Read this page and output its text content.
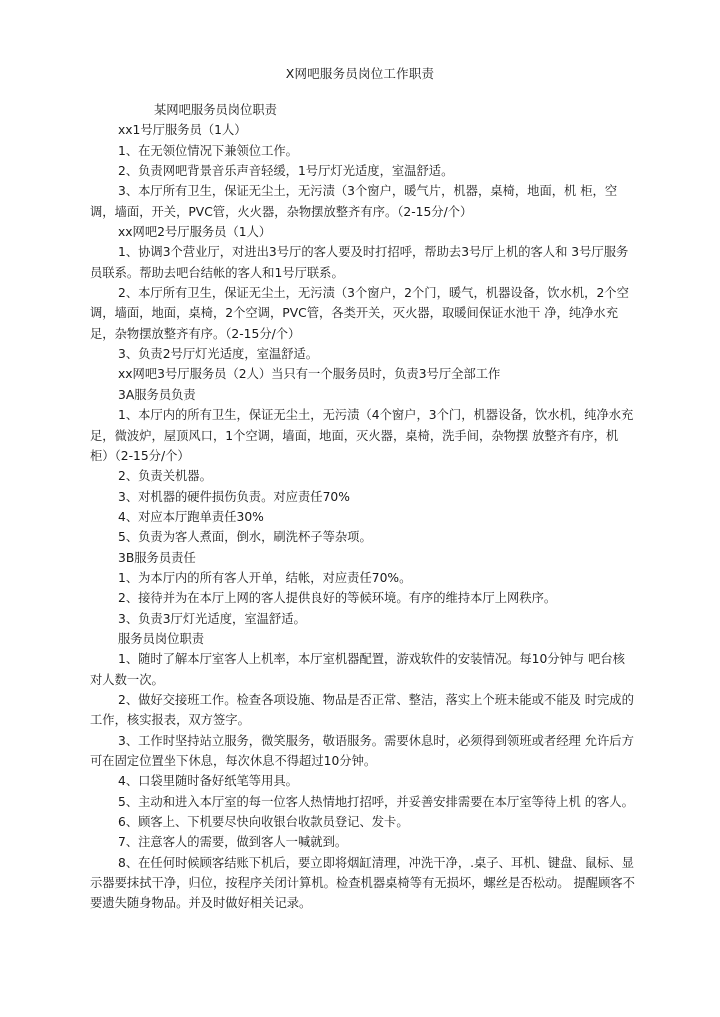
X网吧服务员岗位工作职责

某网吧服务员岗位职责

xx1号厅服务员（1人）

1、在无领位情况下兼领位工作。

2、负责网吧背景音乐声音轻缓，1号厅灯光适度，室温舒适。

3、本厅所有卫生，保证无尘土，无污渍（3个窗户，暖气片，机器，桌椅，地面，机 柜，空调，墙面，开关，PVC管，火火器，杂物摆放整齐有序。（2-15分/个）

xx网吧2号厅服务员（1人）

1、协调3个营业厅，对进出3号厅的客人要及时打招呼，帮助去3号厅上机的客人和 3号厅服务员联系。帮助去吧台结帐的客人和1号厅联系。

2、本厅所有卫生，保证无尘土，无污渍（3个窗户，2个门，暖气，机器设备，饮水机，2个空调，墙面，地面，桌椅，2个空调，PVC管，各类开关，灭火器，取暖间保证水池干 净，纯净水充足，杂物摆放整齐有序。（2-15分/个）

3、负责2号厅灯光适度，室温舒适。

xx网吧3号厅服务员（2人）当只有一个服务员时，负责3号厅全部工作

3A服务员负责

1、本厅内的所有卫生，保证无尘土，无污渍（4个窗户，3个门，机器设备，饮水机，纯净水充足，微波炉，屋顶风口，1个空调，墙面，地面，灭火器，桌椅，洗手间，杂物摆 放整齐有序，机柜）（2-15分/个）

2、负责关机器。

3、对机器的硬件损伤负责。对应责任70%

4、对应本厅跑单责任30%

5、负责为客人煮面，倒水，刷洗杯子等杂项。

3B服务员责任

1、为本厅内的所有客人开单，结帐，对应责任70%。

2、接待并为在本厅上网的客人提供良好的等候环境。有序的维持本厅上网秩序。

3、负责3厅灯光适度，室温舒适。

服务员岗位职责

1、随时了解本厅室客人上机率，本厅室机器配置，游戏软件的安装情况。每10分钟与 吧台核对人数一次。

2、做好交接班工作。检查各项设施、物品是否正常、整洁，落实上个班未能或不能及 时完成的工作，核实报表，双方签字。

3、工作时坚持站立服务，微笑服务，敬语服务。需要休息时，必须得到领班或者经理 允许后方可在固定位置坐下休息，每次休息不得超过10分钟。

4、口袋里随时备好纸笔等用具。

5、主动和进入本厅室的每一位客人热情地打招呼，并妥善安排需要在本厅室等待上机 的客人。

6、顾客上、下机要尽快向收银台收款员登记、发卡。

7、注意客人的需要，做到客人一喊就到。

8、在任何时候顾客结账下机后，要立即将烟缸清理，冲洗干净，.桌子、耳机、键盘、鼠标、显示器要抹拭干净，归位，按程序关闭计算机。检查机器桌椅等有无损坏，螺丝是否松动。 提醒顾客不要遗失随身物品。并及时做好相关记录。
